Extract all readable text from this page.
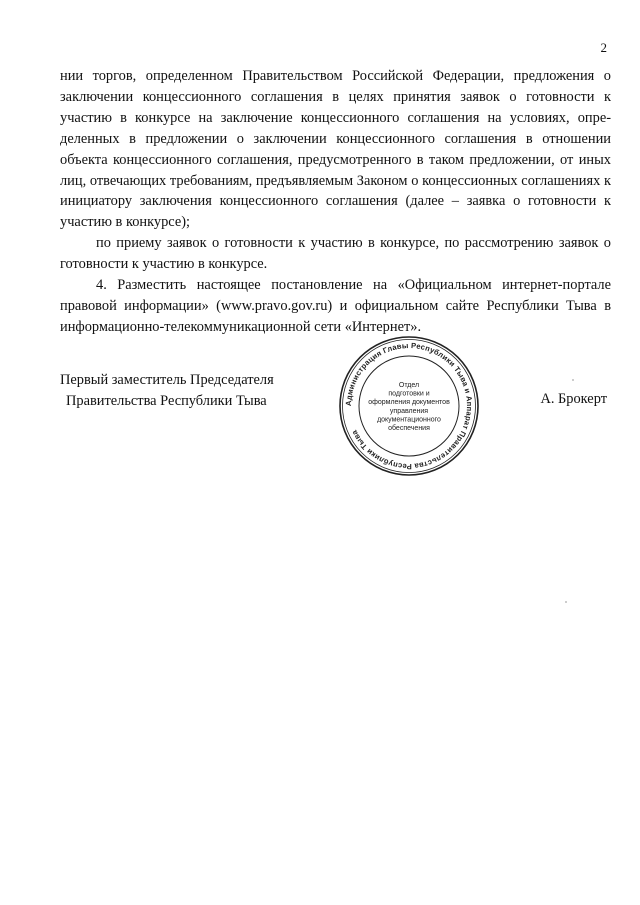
2

нии торгов, определенном Правительством Российской Федерации, предложения о заключении концессионного соглашения в целях принятия заявок о готовности к участию в конкурсе на заключение концессионного соглашения на условиях, определенных в предложении о заключении концессионного соглашения в отношении объекта концессионного соглашения, предусмотренного в таком предложении, от иных лиц, отвечающих требованиям, предъявляемым Законом о концессионных соглашениях к инициатору заключения концессионного соглашения (далее – заявка о готовности к участию в конкурсе);

по приему заявок о готовности к участию в конкурсе, по рассмотрению заявок о готовности к участию в конкурсе.

4. Разместить настоящее постановление на «Официальном интернет-портале правовой информации» (www.pravo.gov.ru) и официальном сайте Республики Тыва в информационно-телекоммуникационной сети «Интернет».

Первый заместитель Председателя
Правительства Республики Тыва	А. Брокерт
Администрация Главы Республики Тыва и Аппарат Правительства Республики Тыва
Отдел
подготовки и
оформления документов
управления
документационного
обеспечения
